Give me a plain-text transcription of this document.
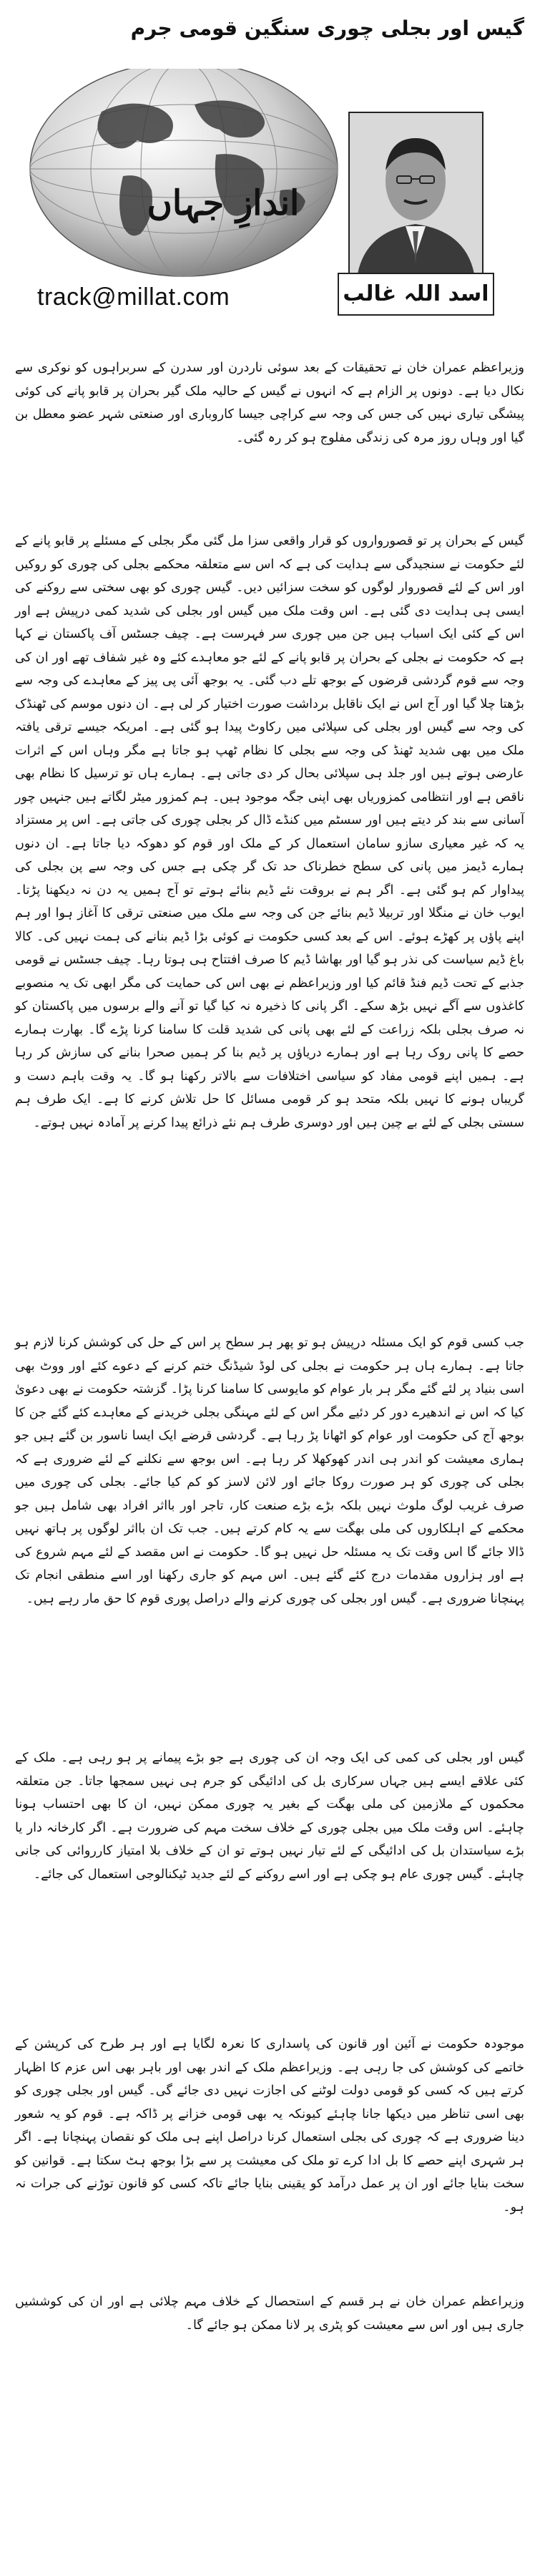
گیس اور بجلی چوری سنگین قومی جرم
اندازِ جہاں
اسد اللہ غالب
track@millat.com

وزیراعظم عمران خان نے تحقیقات کے بعد سوئی ناردرن اور سدرن کے سربراہوں کو نوکری سے نکال دیا ہے۔ دونوں پر الزام ہے کہ انہوں نے گیس کے حالیہ ملک گیر بحران پر قابو پانے کی کوئی پیشگی تیاری نہیں کی جس کی وجہ سے کراچی جیسا کاروباری اور صنعتی شہر عضو معطل بن گیا اور وہاں روز مرہ کی زندگی مفلوج ہو کر رہ گئی۔

گیس کے بحران پر تو قصورواروں کو قرار واقعی سزا مل گئی مگر بجلی کے مسئلے پر قابو پانے کے لئے حکومت نے سنجیدگی سے ہدایت کی ہے کہ اس سے متعلقہ محکمے بجلی کی چوری کو روکیں اور اس کے لئے قصوروار لوگوں کو سخت سزائیں دیں۔ گیس چوری کو بھی سختی سے روکنے کی ایسی ہی ہدایت دی گئی ہے۔ اس وقت ملک میں گیس اور بجلی کی شدید کمی درپیش ہے اور اس کے کئی ایک اسباب ہیں جن میں چوری سر فہرست ہے۔ چیف جسٹس آف پاکستان نے کہا ہے کہ حکومت نے بجلی کے بحران پر قابو پانے کے لئے جو معاہدے کئے وہ غیر شفاف تھے اور ان کی وجہ سے قوم گردشی قرضوں کے بوجھ تلے دب گئی۔ یہ بوجھ آئی پی پیز کے معاہدے کی وجہ سے بڑھتا چلا گیا اور آج اس نے ایک ناقابل برداشت صورت اختیار کر لی ہے۔ ان دنوں موسم کی ٹھنڈک کی وجہ سے گیس اور بجلی کی سپلائی میں رکاوٹ پیدا ہو گئی ہے۔ امریکہ جیسے ترقی یافتہ ملک میں بھی شدید ٹھنڈ کی وجہ سے بجلی کا نظام ٹھپ ہو جاتا ہے مگر وہاں اس کے اثرات عارضی ہوتے ہیں اور جلد ہی سپلائی بحال کر دی جاتی ہے۔ ہمارے ہاں تو ترسیل کا نظام بھی ناقص ہے اور انتظامی کمزوریاں بھی اپنی جگہ موجود ہیں۔ ہم کمزور میٹر لگاتے ہیں جنہیں چور آسانی سے بند کر دیتے ہیں اور سسٹم میں کنڈے ڈال کر بجلی چوری کی جاتی ہے۔ اس پر مستزاد یہ کہ غیر معیاری سازو سامان استعمال کر کے ملک اور قوم کو دھوکہ دیا جاتا ہے۔ ان دنوں ہمارے ڈیمز میں پانی کی سطح خطرناک حد تک گر چکی ہے جس کی وجہ سے پن بجلی کی پیداوار کم ہو گئی ہے۔ اگر ہم نے بروقت نئے ڈیم بنائے ہوتے تو آج ہمیں یہ دن نہ دیکھنا پڑتا۔ ایوب خان نے منگلا اور تربیلا ڈیم بنائے جن کی وجہ سے ملک میں صنعتی ترقی کا آغاز ہوا اور ہم اپنے پاؤں پر کھڑے ہوئے۔ اس کے بعد کسی حکومت نے کوئی بڑا ڈیم بنانے کی ہمت نہیں کی۔ کالا باغ ڈیم سیاست کی نذر ہو گیا اور بھاشا ڈیم کا صرف افتتاح ہی ہوتا رہا۔ چیف جسٹس نے قومی جذبے کے تحت ڈیم فنڈ قائم کیا اور وزیراعظم نے بھی اس کی حمایت کی مگر ابھی تک یہ منصوبے کاغذوں سے آگے نہیں بڑھ سکے۔ اگر پانی کا ذخیرہ نہ کیا گیا تو آنے والے برسوں میں پاکستان کو نہ صرف بجلی بلکہ زراعت کے لئے بھی پانی کی شدید قلت کا سامنا کرنا پڑے گا۔ بھارت ہمارے حصے کا پانی روک رہا ہے اور ہمارے دریاؤں پر ڈیم بنا کر ہمیں صحرا بنانے کی سازش کر رہا ہے۔ ہمیں اپنے قومی مفاد کو سیاسی اختلافات سے بالاتر رکھنا ہو گا۔ یہ وقت باہم دست و گریباں ہونے کا نہیں بلکہ متحد ہو کر قومی مسائل کا حل تلاش کرنے کا ہے۔ ایک طرف ہم سستی بجلی کے لئے بے چین ہیں اور دوسری طرف ہم نئے ذرائع پیدا کرنے پر آمادہ نہیں ہوتے۔

جب کسی قوم کو ایک مسئلہ درپیش ہو تو پھر ہر سطح پر اس کے حل کی کوشش کرنا لازم ہو جاتا ہے۔ ہمارے ہاں ہر حکومت نے بجلی کی لوڈ شیڈنگ ختم کرنے کے دعوے کئے اور ووٹ بھی اسی بنیاد پر لئے گئے مگر ہر بار عوام کو مایوسی کا سامنا کرنا پڑا۔ گزشتہ حکومت نے بھی دعویٰ کیا کہ اس نے اندھیرے دور کر دئیے مگر اس کے لئے مہنگی بجلی خریدنے کے معاہدے کئے گئے جن کا بوجھ آج کی حکومت اور عوام کو اٹھانا پڑ رہا ہے۔ گردشی قرضے ایک ایسا ناسور بن گئے ہیں جو ہماری معیشت کو اندر ہی اندر کھوکھلا کر رہا ہے۔ اس بوجھ سے نکلنے کے لئے ضروری ہے کہ بجلی کی چوری کو ہر صورت روکا جائے اور لائن لاسز کو کم کیا جائے۔ بجلی کی چوری میں صرف غریب لوگ ملوث نہیں بلکہ بڑے بڑے صنعت کار، تاجر اور بااثر افراد بھی شامل ہیں جو محکمے کے اہلکاروں کی ملی بھگت سے یہ کام کرتے ہیں۔ جب تک ان بااثر لوگوں پر ہاتھ نہیں ڈالا جائے گا اس وقت تک یہ مسئلہ حل نہیں ہو گا۔ حکومت نے اس مقصد کے لئے مہم شروع کی ہے اور ہزاروں مقدمات درج کئے گئے ہیں۔ اس مہم کو جاری رکھنا اور اسے منطقی انجام تک پہنچانا ضروری ہے۔ گیس اور بجلی کی چوری کرنے والے دراصل پوری قوم کا حق مار رہے ہیں۔

گیس اور بجلی کی کمی کی ایک وجہ ان کی چوری ہے جو بڑے پیمانے پر ہو رہی ہے۔ ملک کے کئی علاقے ایسے ہیں جہاں سرکاری بل کی ادائیگی کو جرم ہی نہیں سمجھا جاتا۔ جن متعلقہ محکموں کے ملازمین کی ملی بھگت کے بغیر یہ چوری ممکن نہیں، ان کا بھی احتساب ہونا چاہئے۔ اس وقت ملک میں بجلی چوری کے خلاف سخت مہم کی ضرورت ہے۔ اگر کارخانہ دار یا بڑے سیاستدان بل کی ادائیگی کے لئے تیار نہیں ہوتے تو ان کے خلاف بلا امتیاز کارروائی کی جانی چاہئے۔ گیس چوری عام ہو چکی ہے اور اسے روکنے کے لئے جدید ٹیکنالوجی استعمال کی جائے۔

موجودہ حکومت نے آئین اور قانون کی پاسداری کا نعرہ لگایا ہے اور ہر طرح کی کرپشن کے خاتمے کی کوشش کی جا رہی ہے۔ وزیراعظم ملک کے اندر بھی اور باہر بھی اس عزم کا اظہار کرتے ہیں کہ کسی کو قومی دولت لوٹنے کی اجازت نہیں دی جائے گی۔ گیس اور بجلی چوری کو بھی اسی تناظر میں دیکھا جانا چاہئے کیونکہ یہ بھی قومی خزانے پر ڈاکہ ہے۔ قوم کو یہ شعور دینا ضروری ہے کہ چوری کی بجلی استعمال کرنا دراصل اپنے ہی ملک کو نقصان پہنچانا ہے۔ اگر ہر شہری اپنے حصے کا بل ادا کرے تو ملک کی معیشت پر سے بڑا بوجھ ہٹ سکتا ہے۔ قوانین کو سخت بنایا جائے اور ان پر عمل درآمد کو یقینی بنایا جائے تاکہ کسی کو قانون توڑنے کی جرات نہ ہو۔

وزیراعظم عمران خان نے ہر قسم کے استحصال کے خلاف مہم چلائی ہے اور ان کی کوششیں جاری ہیں اور اس سے معیشت کو پٹری پر لانا ممکن ہو جائے گا۔
